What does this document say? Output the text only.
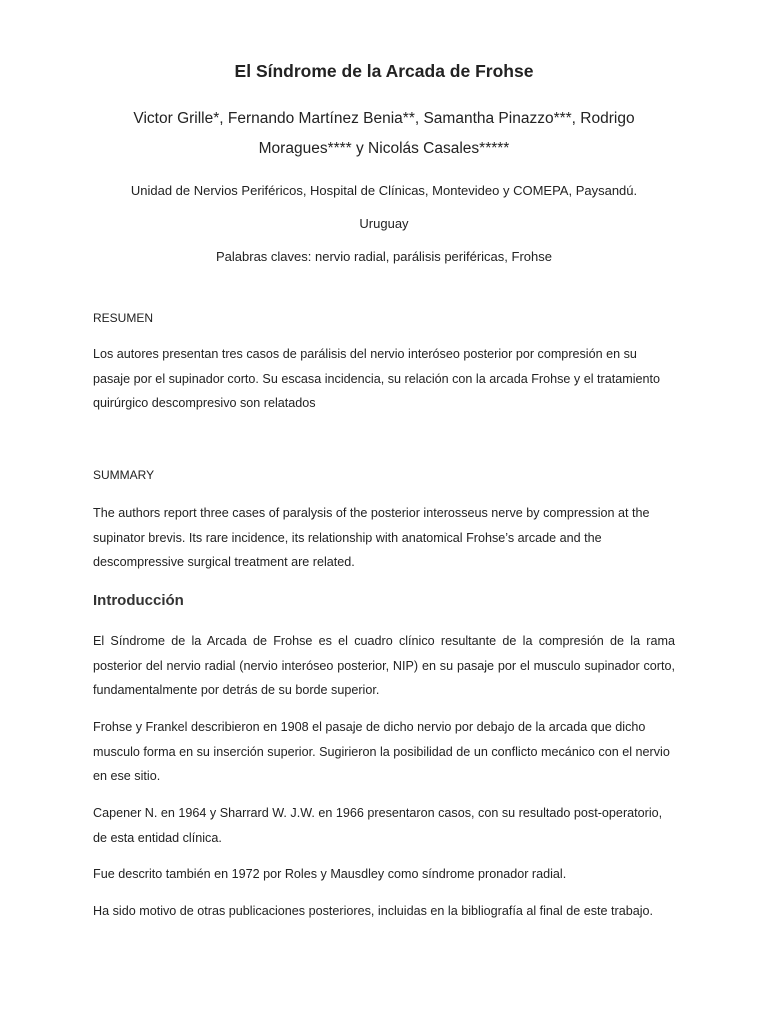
El Síndrome de la Arcada de Frohse

Victor Grille*, Fernando Martínez Benia**, Samantha Pinazzo***, Rodrigo Moragues**** y Nicolás Casales*****

Unidad de Nervios Periféricos, Hospital de Clínicas, Montevideo y COMEPA, Paysandú.

Uruguay

Palabras claves: nervio radial, parálisis periféricas, Frohse

RESUMEN

Los autores presentan tres casos de parálisis del nervio interóseo posterior por compresión en su pasaje por el supinador corto. Su escasa incidencia, su relación con la arcada Frohse y el tratamiento quirúrgico descompresivo son relatados

SUMMARY

The authors report three cases of paralysis of the posterior interosseus nerve by compression at the supinator brevis. Its rare incidence, its relationship with anatomical Frohse’s arcade and the descompressive surgical treatment are related.

Introducción

El Síndrome de la Arcada de Frohse es el cuadro clínico resultante de la compresión de la rama posterior del nervio radial (nervio interóseo posterior, NIP) en su pasaje por el musculo supinador corto, fundamentalmente por detrás de su borde superior.

Frohse y Frankel describieron en 1908 el pasaje de dicho nervio por debajo de la arcada que dicho musculo forma en su inserción superior. Sugirieron la posibilidad de un conflicto mecánico con el nervio en ese sitio.

Capener N. en 1964 y Sharrard W. J.W. en 1966 presentaron casos, con su resultado post-operatorio, de esta entidad clínica.

Fue descrito también en 1972 por Roles y Mausdley como síndrome pronador radial.

Ha sido motivo de otras publicaciones posteriores, incluidas en la bibliografía al final de este trabajo.
